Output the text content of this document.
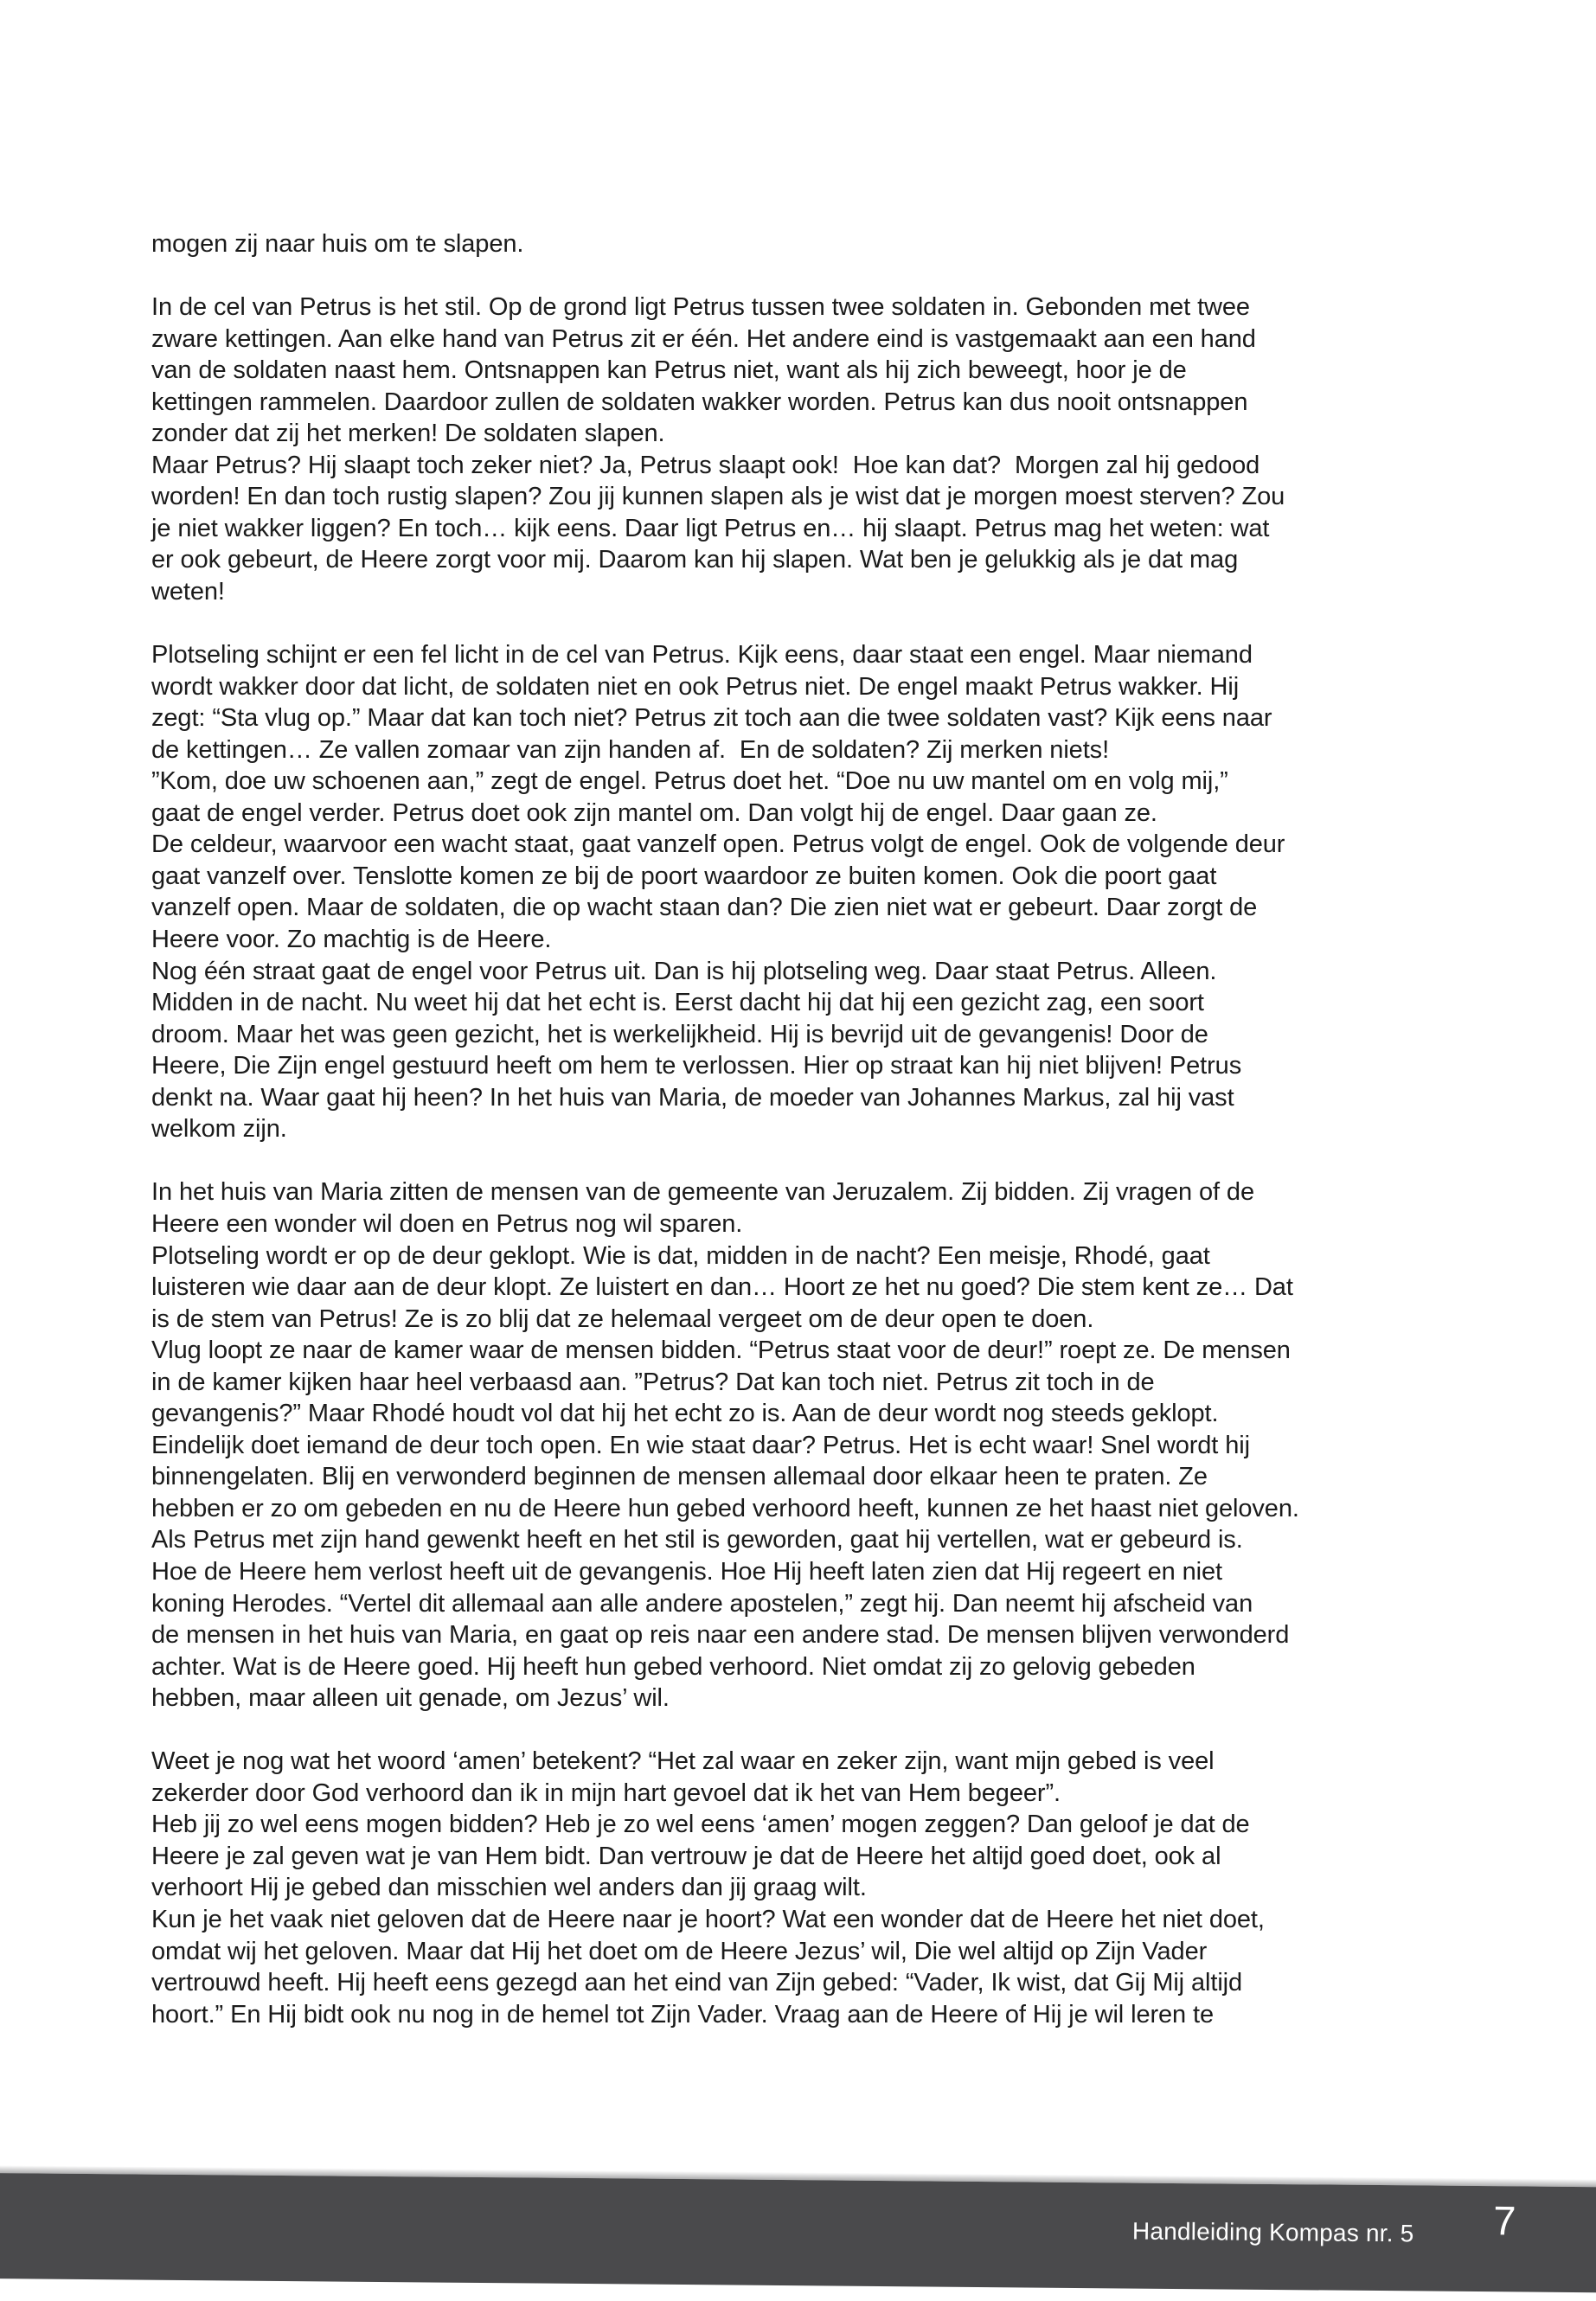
mogen zij naar huis om te slapen.
In de cel van Petrus is het stil. Op de grond ligt Petrus tussen twee soldaten in. Gebonden met twee
zware kettingen. Aan elke hand van Petrus zit er één. Het andere eind is vastgemaakt aan een hand
van de soldaten naast hem. Ontsnappen kan Petrus niet, want als hij zich beweegt, hoor je de
kettingen rammelen. Daardoor zullen de soldaten wakker worden. Petrus kan dus nooit ontsnappen
zonder dat zij het merken! De soldaten slapen.
Maar Petrus? Hij slaapt toch zeker niet? Ja, Petrus slaapt ook!  Hoe kan dat?  Morgen zal hij gedood
worden! En dan toch rustig slapen? Zou jij kunnen slapen als je wist dat je morgen moest sterven? Zou
je niet wakker liggen? En toch… kijk eens. Daar ligt Petrus en… hij slaapt. Petrus mag het weten: wat
er ook gebeurt, de Heere zorgt voor mij. Daarom kan hij slapen. Wat ben je gelukkig als je dat mag
weten!
Plotseling schijnt er een fel licht in de cel van Petrus. Kijk eens, daar staat een engel. Maar niemand
wordt wakker door dat licht, de soldaten niet en ook Petrus niet. De engel maakt Petrus wakker. Hij
zegt: “Sta vlug op.” Maar dat kan toch niet? Petrus zit toch aan die twee soldaten vast? Kijk eens naar
de kettingen… Ze vallen zomaar van zijn handen af.  En de soldaten? Zij merken niets!
”Kom, doe uw schoenen aan,” zegt de engel. Petrus doet het. “Doe nu uw mantel om en volg mij,”
gaat de engel verder. Petrus doet ook zijn mantel om. Dan volgt hij de engel. Daar gaan ze.
De celdeur, waarvoor een wacht staat, gaat vanzelf open. Petrus volgt de engel. Ook de volgende deur
gaat vanzelf over. Tenslotte komen ze bij de poort waardoor ze buiten komen. Ook die poort gaat
vanzelf open. Maar de soldaten, die op wacht staan dan? Die zien niet wat er gebeurt. Daar zorgt de
Heere voor. Zo machtig is de Heere.
Nog één straat gaat de engel voor Petrus uit. Dan is hij plotseling weg. Daar staat Petrus. Alleen.
Midden in de nacht. Nu weet hij dat het echt is. Eerst dacht hij dat hij een gezicht zag, een soort
droom. Maar het was geen gezicht, het is werkelijkheid. Hij is bevrijd uit de gevangenis! Door de
Heere, Die Zijn engel gestuurd heeft om hem te verlossen. Hier op straat kan hij niet blijven! Petrus
denkt na. Waar gaat hij heen? In het huis van Maria, de moeder van Johannes Markus, zal hij vast
welkom zijn.
In het huis van Maria zitten de mensen van de gemeente van Jeruzalem. Zij bidden. Zij vragen of de
Heere een wonder wil doen en Petrus nog wil sparen.
Plotseling wordt er op de deur geklopt. Wie is dat, midden in de nacht? Een meisje, Rhodé, gaat
luisteren wie daar aan de deur klopt. Ze luistert en dan… Hoort ze het nu goed? Die stem kent ze… Dat
is de stem van Petrus! Ze is zo blij dat ze helemaal vergeet om de deur open te doen.
Vlug loopt ze naar de kamer waar de mensen bidden. “Petrus staat voor de deur!” roept ze. De mensen
in de kamer kijken haar heel verbaasd aan. ”Petrus? Dat kan toch niet. Petrus zit toch in de
gevangenis?” Maar Rhodé houdt vol dat hij het echt zo is. Aan de deur wordt nog steeds geklopt.
Eindelijk doet iemand de deur toch open. En wie staat daar? Petrus. Het is echt waar! Snel wordt hij
binnengelaten. Blij en verwonderd beginnen de mensen allemaal door elkaar heen te praten. Ze
hebben er zo om gebeden en nu de Heere hun gebed verhoord heeft, kunnen ze het haast niet geloven.
Als Petrus met zijn hand gewenkt heeft en het stil is geworden, gaat hij vertellen, wat er gebeurd is.
Hoe de Heere hem verlost heeft uit de gevangenis. Hoe Hij heeft laten zien dat Hij regeert en niet
koning Herodes. “Vertel dit allemaal aan alle andere apostelen,” zegt hij. Dan neemt hij afscheid van
de mensen in het huis van Maria, en gaat op reis naar een andere stad. De mensen blijven verwonderd
achter. Wat is de Heere goed. Hij heeft hun gebed verhoord. Niet omdat zij zo gelovig gebeden
hebben, maar alleen uit genade, om Jezus’ wil.
Weet je nog wat het woord ‘amen’ betekent? “Het zal waar en zeker zijn, want mijn gebed is veel
zekerder door God verhoord dan ik in mijn hart gevoel dat ik het van Hem begeer”.
Heb jij zo wel eens mogen bidden? Heb je zo wel eens ‘amen’ mogen zeggen? Dan geloof je dat de
Heere je zal geven wat je van Hem bidt. Dan vertrouw je dat de Heere het altijd goed doet, ook al
verhoort Hij je gebed dan misschien wel anders dan jij graag wilt.
Kun je het vaak niet geloven dat de Heere naar je hoort? Wat een wonder dat de Heere het niet doet,
omdat wij het geloven. Maar dat Hij het doet om de Heere Jezus’ wil, Die wel altijd op Zijn Vader
vertrouwd heeft. Hij heeft eens gezegd aan het eind van Zijn gebed: “Vader, Ik wist, dat Gij Mij altijd
hoort.” En Hij bidt ook nu nog in de hemel tot Zijn Vader. Vraag aan de Heere of Hij je wil leren te
Handleiding Kompas nr. 5 7
